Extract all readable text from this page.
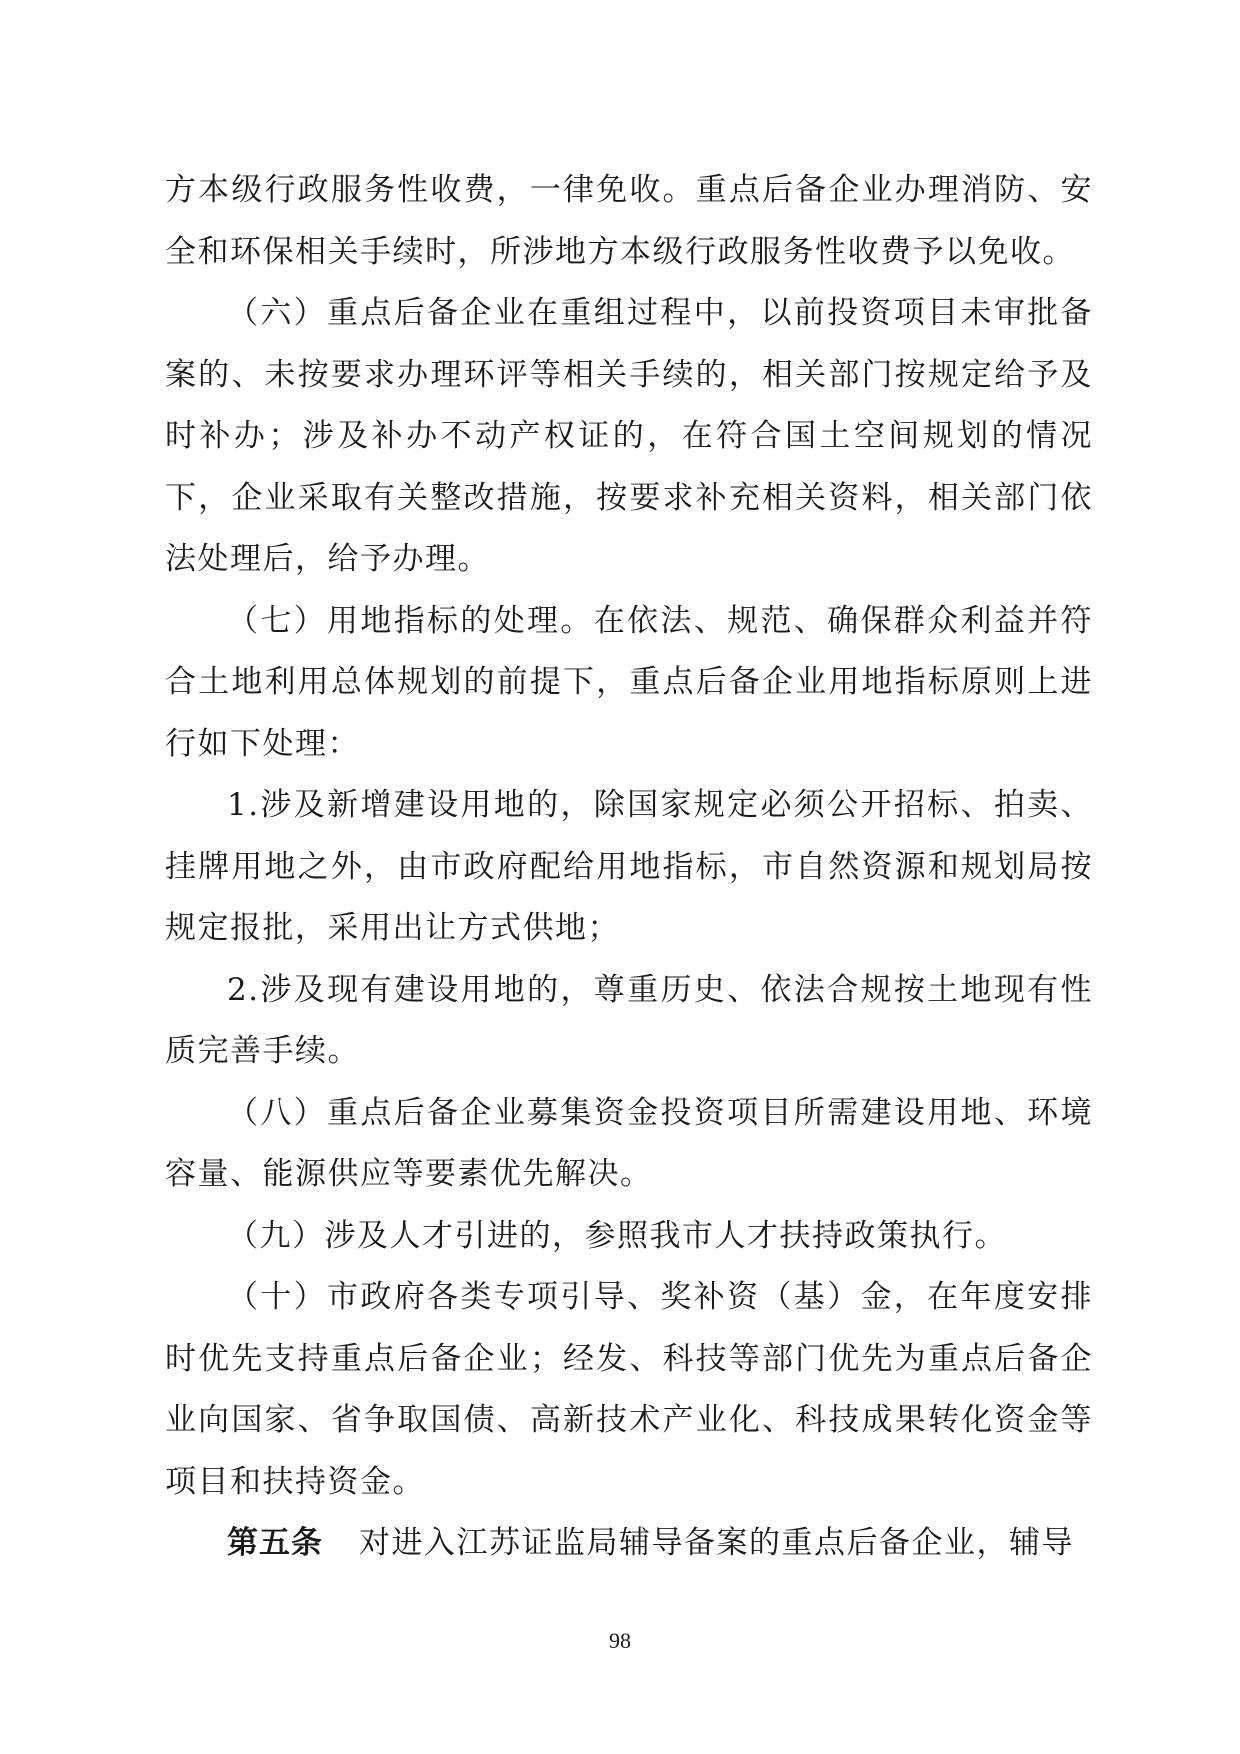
方本级行政服务性收费，一律免收。重点后备企业办理消防、安全和环保相关手续时，所涉地方本级行政服务性收费予以免收。

（六）重点后备企业在重组过程中，以前投资项目未审批备案的、未按要求办理环评等相关手续的，相关部门按规定给予及时补办；涉及补办不动产权证的，在符合国土空间规划的情况下，企业采取有关整改措施，按要求补充相关资料，相关部门依法处理后，给予办理。

（七）用地指标的处理。在依法、规范、确保群众利益并符合土地利用总体规划的前提下，重点后备企业用地指标原则上进行如下处理：

1.涉及新增建设用地的，除国家规定必须公开招标、拍卖、挂牌用地之外，由市政府配给用地指标，市自然资源和规划局按规定报批，采用出让方式供地；

2.涉及现有建设用地的，尊重历史、依法合规按土地现有性质完善手续。

（八）重点后备企业募集资金投资项目所需建设用地、环境容量、能源供应等要素优先解决。

（九）涉及人才引进的，参照我市人才扶持政策执行。

（十）市政府各类专项引导、奖补资（基）金，在年度安排时优先支持重点后备企业；经发、科技等部门优先为重点后备企业向国家、省争取国债、高新技术产业化、科技成果转化资金等项目和扶持资金。

第五条 对进入江苏证监局辅导备案的重点后备企业，辅导

98
